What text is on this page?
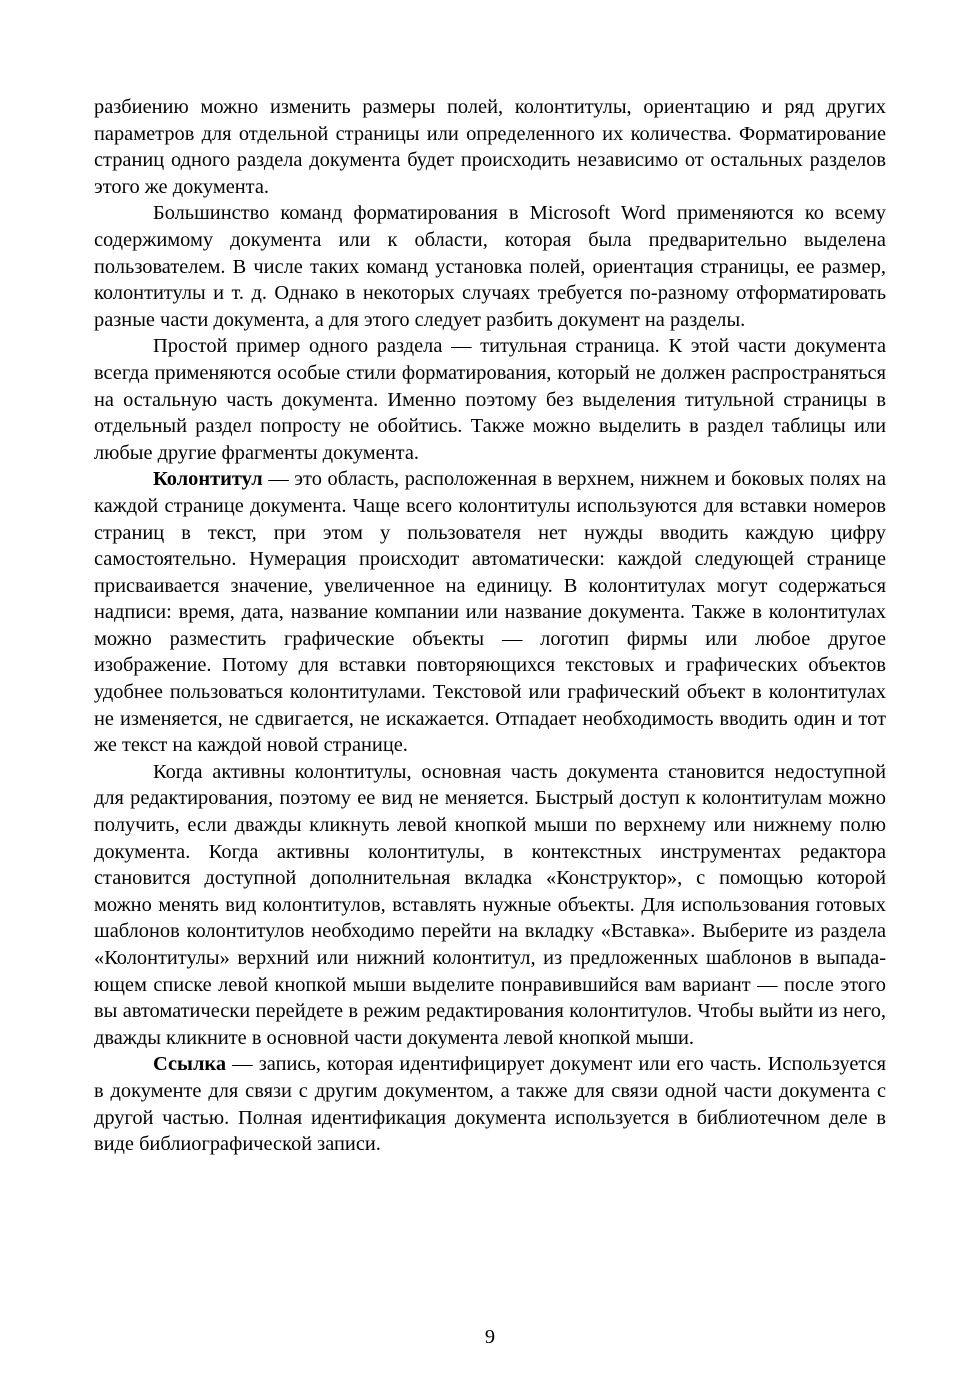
разбиению можно изменить размеры полей, колонтитулы, ориентацию и ряд других параметров для отдельной страницы или определенного их количества. Форматирование страниц одного раздела документа будет происходить независимо от остальных разделов этого же документа.

Большинство команд форматирования в Microsoft Word применяются ко всему содержимому документа или к области, которая была предварительно выделена пользователем. В числе таких команд установка полей, ориентация страницы, ее размер, колонтитулы и т. д. Однако в некоторых случаях требуется по-разному отформатировать разные части документа, а для этого следует разбить документ на разделы.

Простой пример одного раздела — титульная страница. К этой части документа всегда применяются особые стили форматирования, который не должен распространяться на остальную часть документа. Именно поэтому без выделения титульной страницы в отдельный раздел попросту не обойтись. Также можно выделить в раздел таблицы или любые другие фрагменты документа.

Колонтитул — это область, расположенная в верхнем, нижнем и боковых полях на каждой странице документа. Чаще всего колонтитулы используются для вставки номеров страниц в текст, при этом у пользователя нет нужды вводить каждую цифру самостоятельно. Нумерация происходит автоматически: каждой следующей странице присваивается значение, увеличенное на единицу. В колонтитулах могут содержаться надписи: время, дата, название компании или название документа. Также в колонтитулах можно разместить графические объекты — логотип фирмы или любое другое изображение. Потому для вставки повторяющихся текстовых и графических объектов удобнее пользоваться колонтитулами. Текстовой или графический объект в колонтитулах не изменяется, не сдвигается, не искажается. Отпадает необходимость вводить один и тот же текст на каждой новой странице.

Когда активны колонтитулы, основная часть документа становится недоступной для редактирования, поэтому ее вид не меняется. Быстрый доступ к колонтитулам можно получить, если дважды кликнуть левой кнопкой мыши по верхнему или нижнему полю документа. Когда активны колонтитулы, в контекстных инструментах редактора становится доступной дополнительная вкладка «Конструктор», с помощью которой можно менять вид колонтитулов, вставлять нужные объекты. Для использования готовых шаблонов колонтитулов необходимо перейти на вкладку «Вставка». Выберите из раздела «Колонтитулы» верхний или нижний колонтитул, из предложенных шаблонов в выпадающем списке левой кнопкой мыши выделите понравившийся вам вариант — после этого вы автоматически перейдете в режим редактирования колонтитулов. Чтобы выйти из него, дважды кликните в основной части документа левой кнопкой мыши.

Ссылка — запись, которая идентифицирует документ или его часть. Используется в документе для связи с другим документом, а также для связи одной части документа с другой частью. Полная идентификация документа используется в библиотечном деле в виде библиографической записи.

9
